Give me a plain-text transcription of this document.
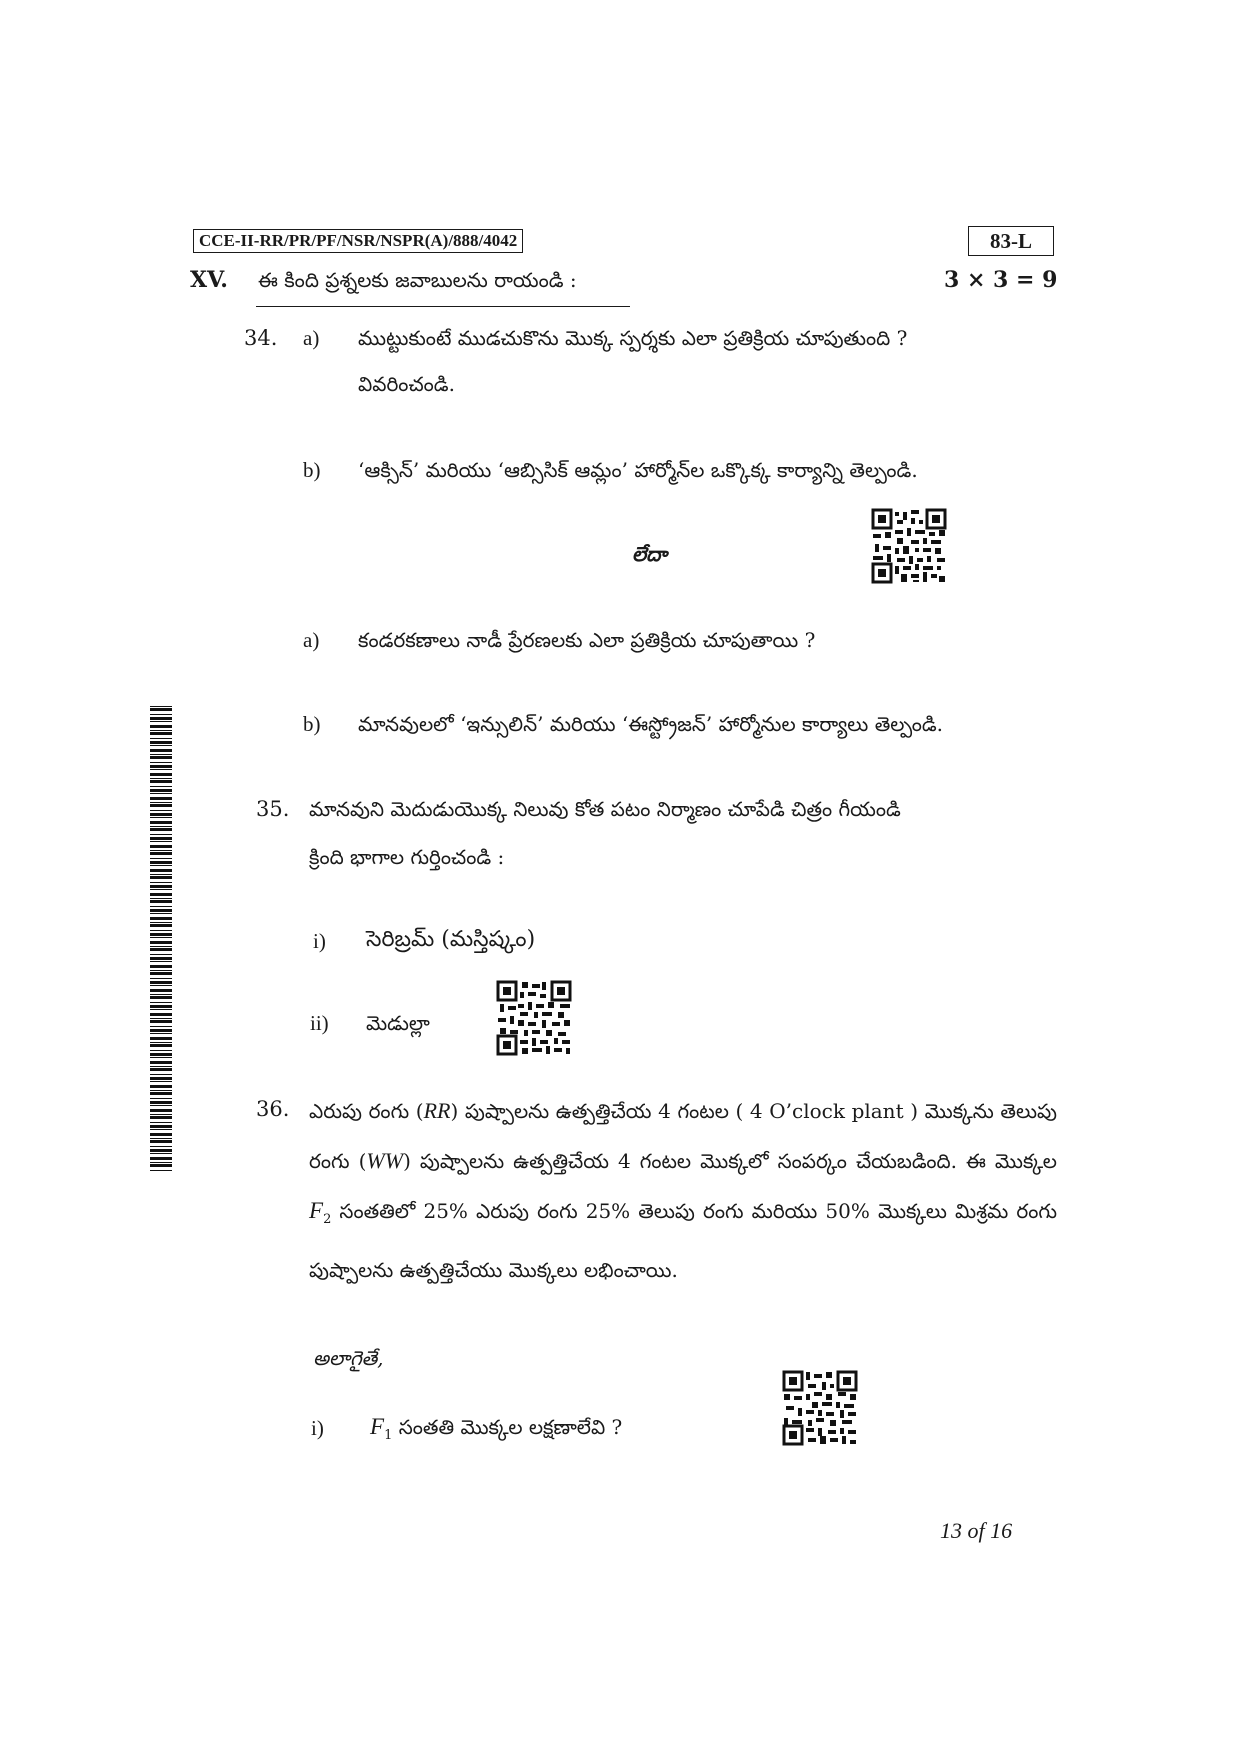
CCE-II-RR/PR/PF/NSR/NSPR(A)/888/4042	83-L
XV. ఈ కింది ప్రశ్నలకు జవాబులను రాయండి :	3 × 3 = 9
34. a) ముట్టుకుంటే ముడచుకొను మొక్క స్పర్శకు ఎలా ప్రతిక్రియ చూపుతుంది ?
వివరించండి.
b) ‘ఆక్సిన్’ మరియు ‘ఆబ్సిసిక్ ఆమ్లం’ హార్మోన్‌ల ఒక్కొక్క కార్యాన్ని తెల్పండి.
లేదా
a) కండరకణాలు నాడీ ప్రేరణలకు ఎలా ప్రతిక్రియ చూపుతాయి ?
b) మానవులలో ‘ఇన్సులిన్’ మరియు ‘ఈస్ట్రోజన్’ హార్మోనుల కార్యాలు తెల్పండి.
35. మానవుని మెదుడుయొక్క నిలువు కోత పటం నిర్మాణం చూపేడి చిత్రం గీయండి
క్రింది భాగాల గుర్తించండి :
i) సెరిబ్రమ్ (మస్తిష్కం)
ii) మెడుల్లా
36. ఎరుపు రంగు (RR) పుష్పాలను ఉత్పత్తిచేయ 4 గంటల ( 4 O’clock plant ) మొక్కను తెలుపు రంగు (WW) పుష్పాలను ఉత్పత్తిచేయ 4 గంటల మొక్కలో సంపర్కం చేయబడింది. ఈ మొక్కల $F_2$ సంతతిలో 25% ఎరుపు రంగు 25% తెలుపు రంగు మరియు 50% మొక్కలు మిశ్రమ రంగు పుష్పాలను ఉత్పత్తిచేయు మొక్కలు లభించాయి.
అలాగైతే,
i) $F_1$ సంతతి మొక్కల లక్షణాలేవి ?
13 of 16
